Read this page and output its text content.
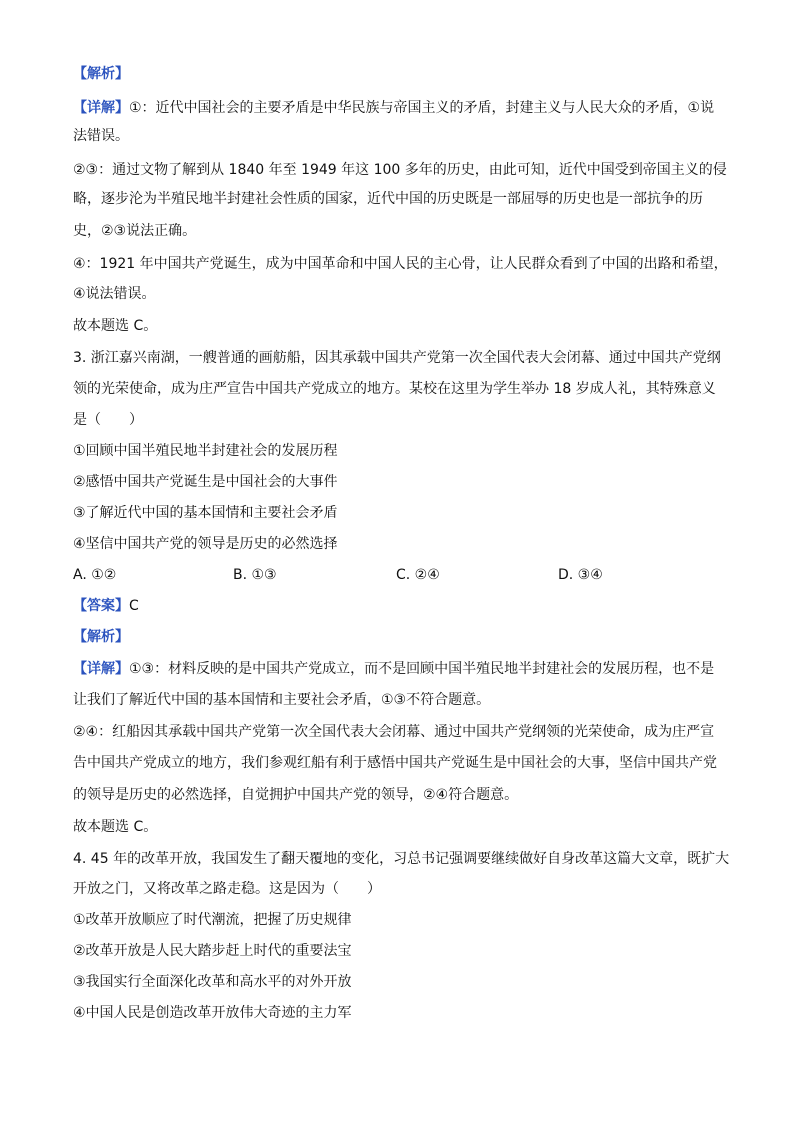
【解析】
【详解】①：近代中国社会的主要矛盾是中华民族与帝国主义的矛盾，封建主义与人民大众的矛盾，①说
法错误。
②③：通过文物了解到从 1840 年至 1949 年这 100 多年的历史，由此可知，近代中国受到帝国主义的侵
略，逐步沦为半殖民地半封建社会性质的国家，近代中国的历史既是一部屈辱的历史也是一部抗争的历
史，②③说法正确。
④：1921 年中国共产党诞生，成为中国革命和中国人民的主心骨，让人民群众看到了中国的出路和希望，
④说法错误。
故本题选 C。
3. 浙江嘉兴南湖，一艘普通的画舫船，因其承载中国共产党第一次全国代表大会闭幕、通过中国共产党纲
领的光荣使命，成为庄严宣告中国共产党成立的地方。某校在这里为学生举办 18 岁成人礼，其特殊意义
是（　　）
①回顾中国半殖民地半封建社会的发展历程
②感悟中国共产党诞生是中国社会的大事件
③了解近代中国的基本国情和主要社会矛盾
④坚信中国共产党的领导是历史的必然选择
A. ①②	B. ①③	C. ②④	D. ③④
【答案】C
【解析】
【详解】①③：材料反映的是中国共产党成立，而不是回顾中国半殖民地半封建社会的发展历程，也不是
让我们了解近代中国的基本国情和主要社会矛盾，①③不符合题意。
②④：红船因其承载中国共产党第一次全国代表大会闭幕、通过中国共产党纲领的光荣使命，成为庄严宣
告中国共产党成立的地方，我们参观红船有利于感悟中国共产党诞生是中国社会的大事，坚信中国共产党
的领导是历史的必然选择，自觉拥护中国共产党的领导，②④符合题意。
故本题选 C。
4. 45 年的改革开放，我国发生了翻天覆地的变化，习总书记强调要继续做好自身改革这篇大文章，既扩大
开放之门，又将改革之路走稳。这是因为（　　）
①改革开放顺应了时代潮流，把握了历史规律
②改革开放是人民大踏步赶上时代的重要法宝
③我国实行全面深化改革和高水平的对外开放
④中国人民是创造改革开放伟大奇迹的主力军
